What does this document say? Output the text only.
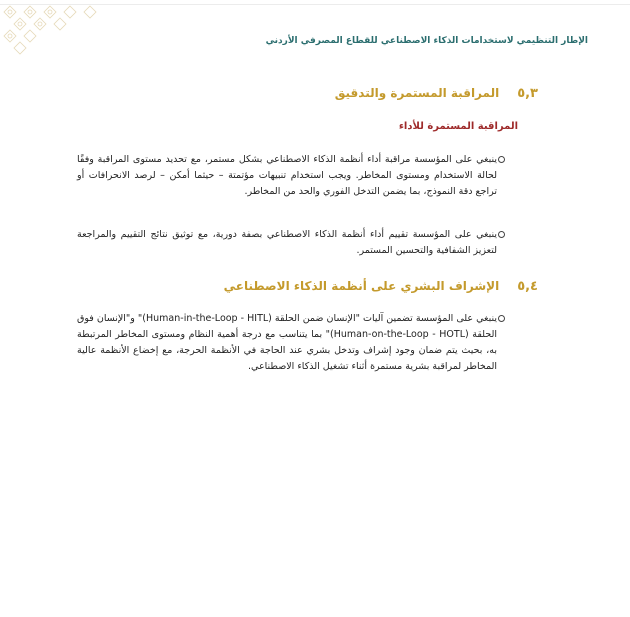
الإطار التنظيمي لاستخدامات الذكاء الاصطناعي للقطاع المصرفي الأردني
٥,٣
المراقبة المستمرة والتدقيق
المراقبة المستمرة للأداء

ينبغي على المؤسسة مراقبة أداء أنظمة الذكاء الاصطناعي بشكل مستمر، مع تحديد مستوى المراقبة وفقًا لحالة الاستخدام ومستوى المخاطر. ويجب استخدام تنبيهات مؤتمتة – حيثما أمكن – لرصد الانحرافات أو تراجع دقة النموذج، بما يضمن التدخل الفوري والحد من المخاطر.

ينبغي على المؤسسة تقييم أداء أنظمة الذكاء الاصطناعي بصفة دورية، مع توثيق نتائج التقييم والمراجعة لتعزيز الشفافية والتحسين المستمر.

٥,٤
الإشراف البشري على أنظمة الذكاء الاصطناعي

ينبغي على المؤسسة تضمين آليات "الإنسان ضمن الحلقة (Human-in-the-Loop - HITL)" و"الإنسان فوق الحلقة (Human-on-the-Loop - HOTL)" بما يتناسب مع درجة أهمية النظام ومستوى المخاطر المرتبطة به، بحيث يتم ضمان وجود إشراف وتدخل بشري عند الحاجة في الأنظمة الحرجة، مع إخضاع الأنظمة عالية المخاطر لمراقبة بشرية مستمرة أثناء تشغيل الذكاء الاصطناعي.
